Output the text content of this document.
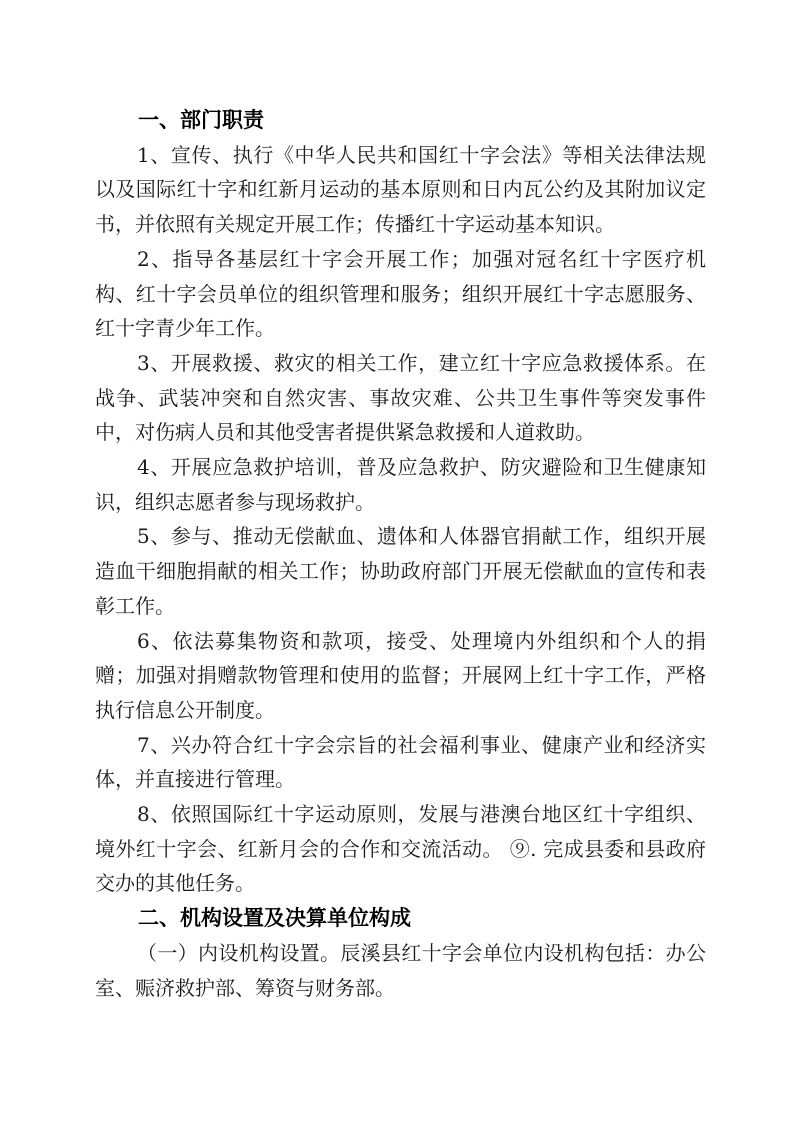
一、部门职责

1、宣传、执行《中华人民共和国红十字会法》等相关法律法规以及国际红十字和红新月运动的基本原则和日内瓦公约及其附加议定书，并依照有关规定开展工作；传播红十字运动基本知识。

2、指导各基层红十字会开展工作；加强对冠名红十字医疗机构、红十字会员单位的组织管理和服务；组织开展红十字志愿服务、红十字青少年工作。

3、开展救援、救灾的相关工作，建立红十字应急救援体系。在战争、武装冲突和自然灾害、事故灾难、公共卫生事件等突发事件中，对伤病人员和其他受害者提供紧急救援和人道救助。

4、开展应急救护培训，普及应急救护、防灾避险和卫生健康知识，组织志愿者参与现场救护。

5、参与、推动无偿献血、遗体和人体器官捐献工作，组织开展造血干细胞捐献的相关工作；协助政府部门开展无偿献血的宣传和表彰工作。

6、依法募集物资和款项，接受、处理境内外组织和个人的捐赠；加强对捐赠款物管理和使用的监督；开展网上红十字工作，严格执行信息公开制度。

7、兴办符合红十字会宗旨的社会福利事业、健康产业和经济实体，并直接进行管理。

8、依照国际红十字运动原则，发展与港澳台地区红十字组织、境外红十字会、红新月会的合作和交流活动。 ⑨. 完成县委和县政府交办的其他任务。

二、机构设置及决算单位构成

（一）内设机构设置。辰溪县红十字会单位内设机构包括：办公室、赈济救护部、筹资与财务部。
